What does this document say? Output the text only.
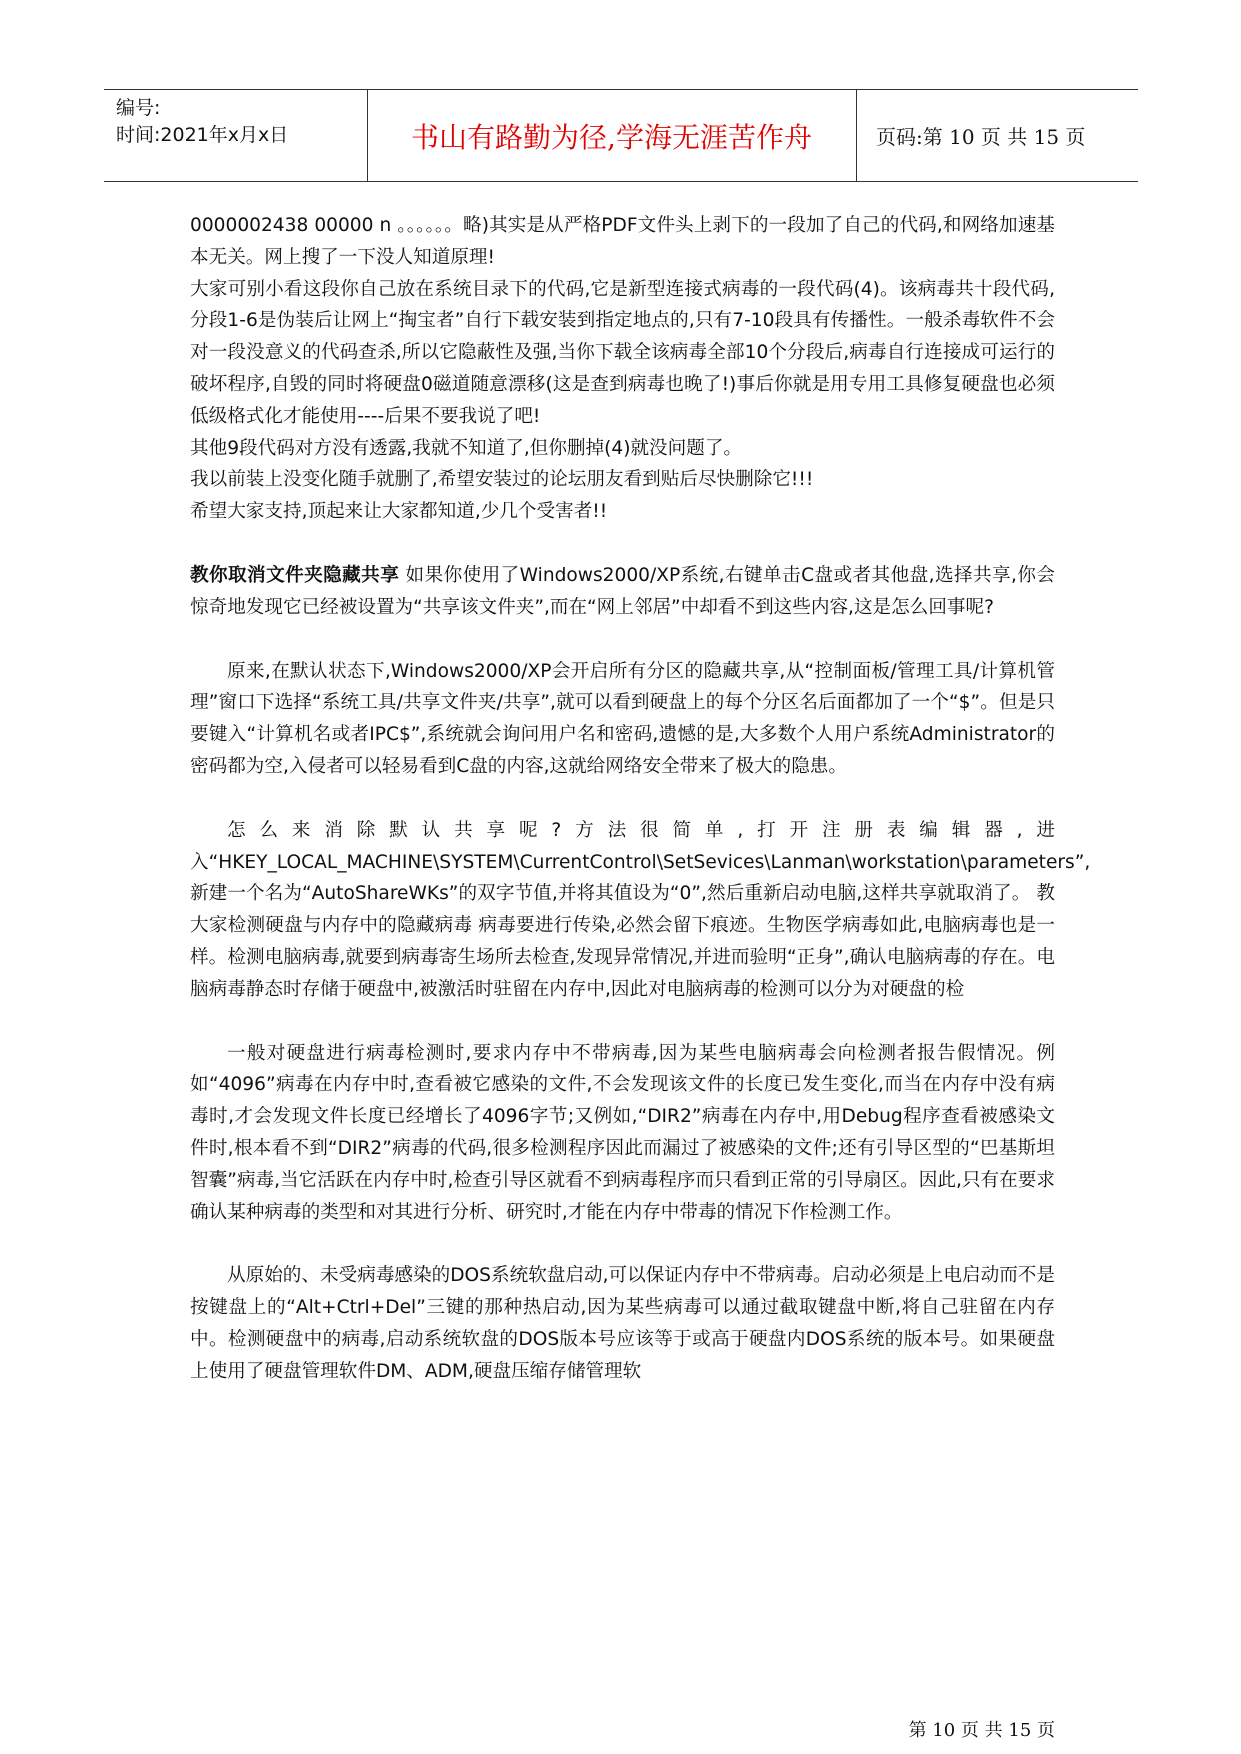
编号:
时间:2021年x月x日	书山有路勤为径,学海无涯苦作舟	页码:第 10 页 共 15 页

0000002438 00000 n 。。。。。。略)其实是从严格PDF文件头上剥下的一段加了自己的代码,和网络加速基本无关。网上搜了一下没人知道原理!

大家可别小看这段你自己放在系统目录下的代码,它是新型连接式病毒的一段代码(4)。该病毒共十段代码,分段1-6是伪装后让网上“掏宝者”自行下载安装到指定地点的,只有7-10段具有传播性。一般杀毒软件不会对一段没意义的代码查杀,所以它隐蔽性及强,当你下载全该病毒全部10个分段后,病毒自行连接成可运行的破坏程序,自毁的同时将硬盘0磁道随意漂移(这是查到病毒也晚了!)事后你就是用专用工具修复硬盘也必须低级格式化才能使用----后果不要我说了吧!

其他9段代码对方没有透露,我就不知道了,但你删掉(4)就没问题了。

我以前装上没变化随手就删了,希望安装过的论坛朋友看到贴后尽快删除它!!!

希望大家支持,顶起来让大家都知道,少几个受害者!!

教你取消文件夹隐藏共享 如果你使用了Windows2000/XP系统,右键单击C盘或者其他盘,选择共享,你会惊奇地发现它已经被设置为“共享该文件夹”,而在“网上邻居”中却看不到这些内容,这是怎么回事呢?

原来,在默认状态下,Windows2000/XP会开启所有分区的隐藏共享,从“控制面板/管理工具/计算机管理”窗口下选择“系统工具/共享文件夹/共享”,就可以看到硬盘上的每个分区名后面都加了一个“$”。但是只要键入“计算机名或者IPC$”,系统就会询问用户名和密码,遗憾的是,大多数个人用户系统Administrator的密码都为空,入侵者可以轻易看到C盘的内容,这就给网络安全带来了极大的隐患。

怎么来消除默认共享呢?方法很简单,打开注册表编辑器,进入“HKEY_LOCAL_MACHINE\SYSTEM\CurrentControl\SetSevices\Lanman\workstation\parameters”,新建一个名为“AutoShareWKs”的双字节值,并将其值设为“0”,然后重新启动电脑,这样共享就取消了。 教大家检测硬盘与内存中的隐藏病毒 病毒要进行传染,必然会留下痕迹。生物医学病毒如此,电脑病毒也是一样。检测电脑病毒,就要到病毒寄生场所去检查,发现异常情况,并进而验明“正身”,确认电脑病毒的存在。电脑病毒静态时存储于硬盘中,被激活时驻留在内存中,因此对电脑病毒的检测可以分为对硬盘的检

一般对硬盘进行病毒检测时,要求内存中不带病毒,因为某些电脑病毒会向检测者报告假情况。例如“4096”病毒在内存中时,查看被它感染的文件,不会发现该文件的长度已发生变化,而当在内存中没有病毒时,才会发现文件长度已经增长了4096字节;又例如,“DIR2”病毒在内存中,用Debug程序查看被感染文件时,根本看不到“DIR2”病毒的代码,很多检测程序因此而漏过了被感染的文件;还有引导区型的“巴基斯坦智囊”病毒,当它活跃在内存中时,检查引导区就看不到病毒程序而只看到正常的引导扇区。因此,只有在要求确认某种病毒的类型和对其进行分析、研究时,才能在内存中带毒的情况下作检测工作。

从原始的、未受病毒感染的DOS系统软盘启动,可以保证内存中不带病毒。启动必须是上电启动而不是按键盘上的“Alt+Ctrl+Del”三键的那种热启动,因为某些病毒可以通过截取键盘中断,将自己驻留在内存中。检测硬盘中的病毒,启动系统软盘的DOS版本号应该等于或高于硬盘内DOS系统的版本号。如果硬盘上使用了硬盘管理软件DM、ADM,硬盘压缩存储管理软

第 10 页 共 15 页
